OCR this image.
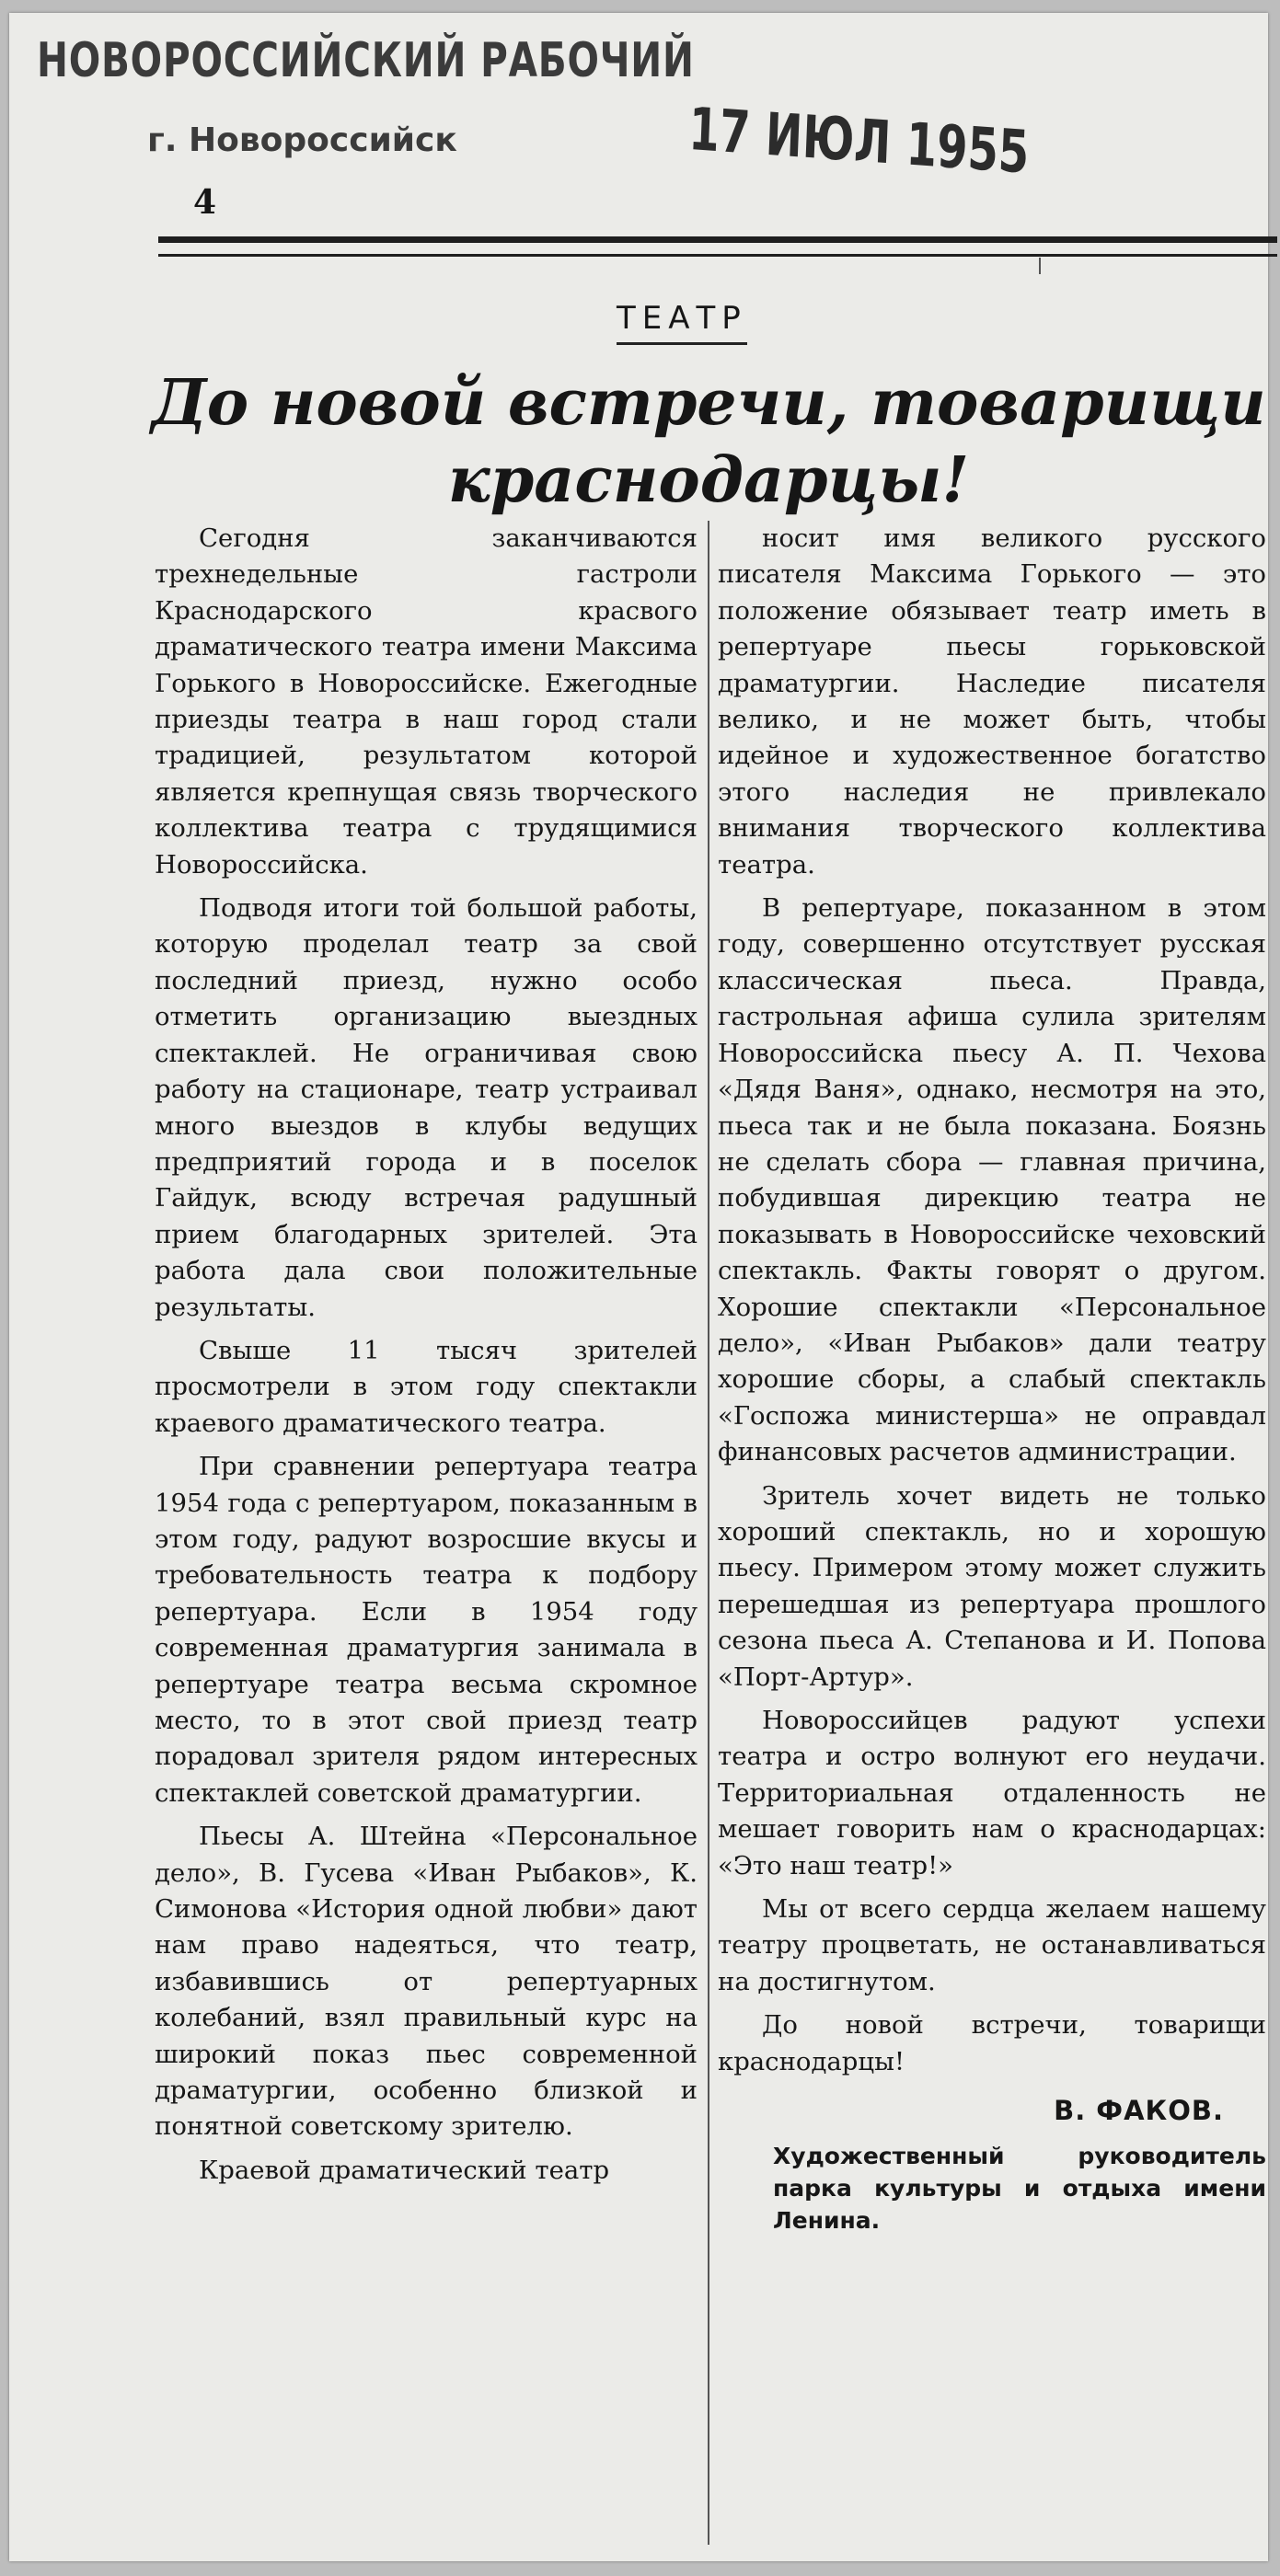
НОВОРОССИЙСКИЙ РАБОЧИЙ
г. Новороссийск	17 ИЮЛ 1955
4
ТЕАТР
До новой встречи, товарищи краснодарцы!

Сегодня заканчиваются трехнедельные гастроли Краснодарского красвого драматического театра имени Максима Горького в Новороссийске. Ежегодные приезды театра в наш город стали традицией, результатом которой является крепнущая связь творческого коллектива театра с трудящимися Новороссийска.

Подводя итоги той большой работы, которую проделал театр за свой последний приезд, нужно особо отметить организацию выездных спектаклей. Не ограничивая свою работу на стационаре, театр устраивал много выездов в клубы ведущих предприятий города и в поселок Гайдук, всюду встречая радушный прием благодарных зрителей. Эта работа дала свои положительные результаты.

Свыше 11 тысяч зрителей просмотрели в этом году спектакли краевого драматического театра.

При сравнении репертуара театра 1954 года с репертуаром, показанным в этом году, радуют возросшие вкусы и требовательность театра к подбору репертуара. Если в 1954 году современная драматургия занимала в репертуаре театра весьма скромное место, то в этот свой приезд театр порадовал зрителя рядом интересных спектаклей советской драматургии.

Пьесы А. Штейна «Персональное дело», В. Гусева «Иван Рыбаков», К. Симонова «История одной любви» дают нам право надеяться, что театр, избавившись от репертуарных колебаний, взял правильный курс на широкий показ пьес современной драматургии, особенно близкой и понятной советскому зрителю.

Краевой драматический театр

носит имя великого русского писателя Максима Горького — это положение обязывает театр иметь в репертуаре пьесы горьковской драматургии. Наследие писателя велико, и не может быть, чтобы идейное и художественное богатство этого наследия не привлекало внимания творческого коллектива театра.

В репертуаре, показанном в этом году, совершенно отсутствует русская классическая пьеса. Правда, гастрольная афиша сулила зрителям Новороссийска пьесу А. П. Чехова «Дядя Ваня», однако, несмотря на это, пьеса так и не была показана. Боязнь не сделать сбора — главная причина, побудившая дирекцию театра не показывать в Новороссийске чеховский спектакль. Факты говорят о другом. Хорошие спектакли «Персональное дело», «Иван Рыбаков» дали театру хорошие сборы, а слабый спектакль «Госпожа министерша» не оправдал финансовых расчетов администрации.

Зритель хочет видеть не только хороший спектакль, но и хорошую пьесу. Примером этому может служить перешедшая из репертуара прошлого сезона пьеса А. Степанова и И. Попова «Порт-Артур».

Новороссийцев радуют успехи театра и остро волнуют его неудачи. Территориальная отдаленность не мешает говорить нам о краснодарцах: «Это наш театр!»

Мы от всего сердца желаем нашему театру процветать, не останавливаться на достигнутом.

До новой встречи, товарищи краснодарцы!

В. ФАКОВ.
Художественный руководитель парка культуры и отдыха имени Ленина.
